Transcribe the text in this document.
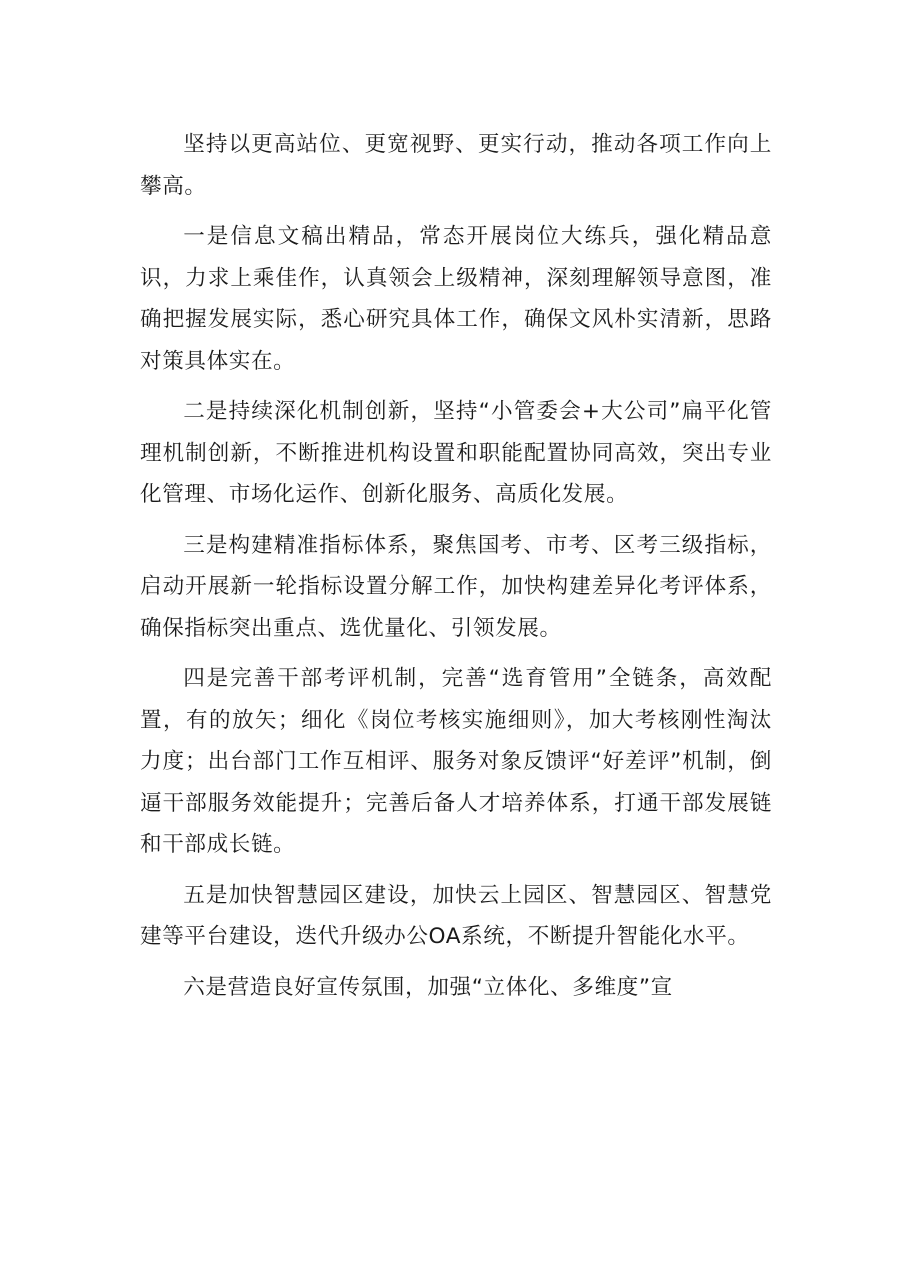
坚持以更高站位、更宽视野、更实行动，推动各项工作向上攀高。

一是信息文稿出精品，常态开展岗位大练兵，强化精品意识，力求上乘佳作，认真领会上级精神，深刻理解领导意图，准确把握发展实际，悉心研究具体工作，确保文风朴实清新，思路对策具体实在。

二是持续深化机制创新，坚持“小管委会+大公司”扁平化管理机制创新，不断推进机构设置和职能配置协同高效，突出专业化管理、市场化运作、创新化服务、高质化发展。

三是构建精准指标体系，聚焦国考、市考、区考三级指标，启动开展新一轮指标设置分解工作，加快构建差异化考评体系，确保指标突出重点、选优量化、引领发展。

四是完善干部考评机制，完善“选育管用”全链条，高效配置，有的放矢；细化《岗位考核实施细则》，加大考核刚性淘汰力度；出台部门工作互相评、服务对象反馈评“好差评”机制，倒逼干部服务效能提升；完善后备人才培养体系，打通干部发展链和干部成长链。

五是加快智慧园区建设，加快云上园区、智慧园区、智慧党建等平台建设，迭代升级办公OA系统，不断提升智能化水平。

六是营造良好宣传氛围，加强“立体化、多维度”宣
